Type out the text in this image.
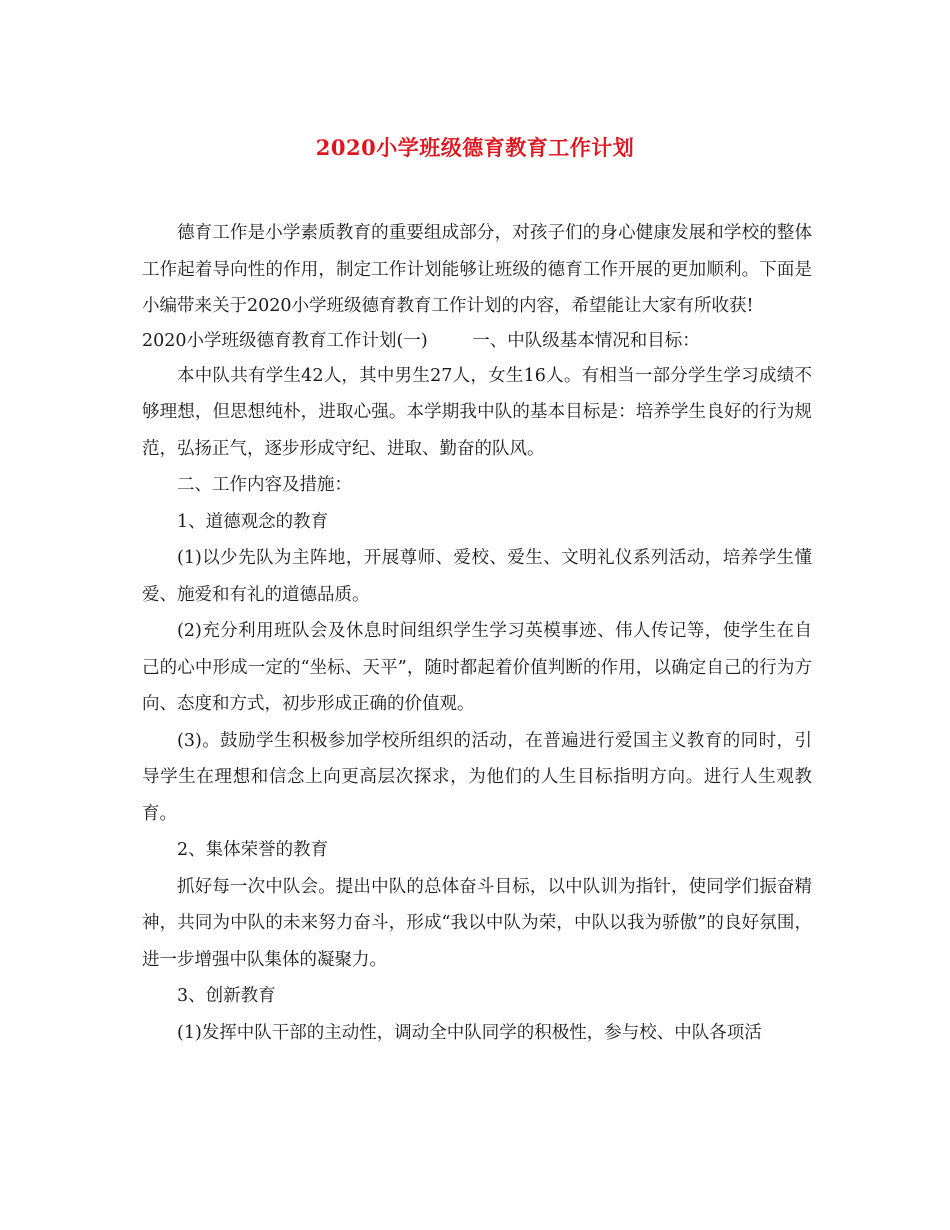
2020小学班级德育教育工作计划

德育工作是小学素质教育的重要组成部分，对孩子们的身心健康发展和学校的整体工作起着导向性的作用，制定工作计划能够让班级的德育工作开展的更加顺利。下面是小编带来关于2020小学班级德育教育工作计划的内容，希望能让大家有所收获!

2020小学班级德育教育工作计划(一)        一、中队级基本情况和目标：

本中队共有学生42人，其中男生27人，女生16人。有相当一部分学生学习成绩不够理想，但思想纯朴，进取心强。本学期我中队的基本目标是：培养学生良好的行为规范，弘扬正气，逐步形成守纪、进取、勤奋的队风。

二、工作内容及措施：

1、道德观念的教育

(1)以少先队为主阵地，开展尊师、爱校、爱生、文明礼仪系列活动，培养学生懂爱、施爱和有礼的道德品质。

(2)充分利用班队会及休息时间组织学生学习英模事迹、伟人传记等，使学生在自己的心中形成一定的“坐标、天平”，随时都起着价值判断的作用，以确定自己的行为方向、态度和方式，初步形成正确的价值观。

(3)。鼓励学生积极参加学校所组织的活动，在普遍进行爱国主义教育的同时，引导学生在理想和信念上向更高层次探求，为他们的人生目标指明方向。进行人生观教育。

2、集体荣誉的教育

抓好每一次中队会。提出中队的总体奋斗目标，以中队训为指针，使同学们振奋精神，共同为中队的未来努力奋斗，形成“我以中队为荣，中队以我为骄傲”的良好氛围，进一步增强中队集体的凝聚力。

3、创新教育

(1)发挥中队干部的主动性，调动全中队同学的积极性，参与校、中队各项活
